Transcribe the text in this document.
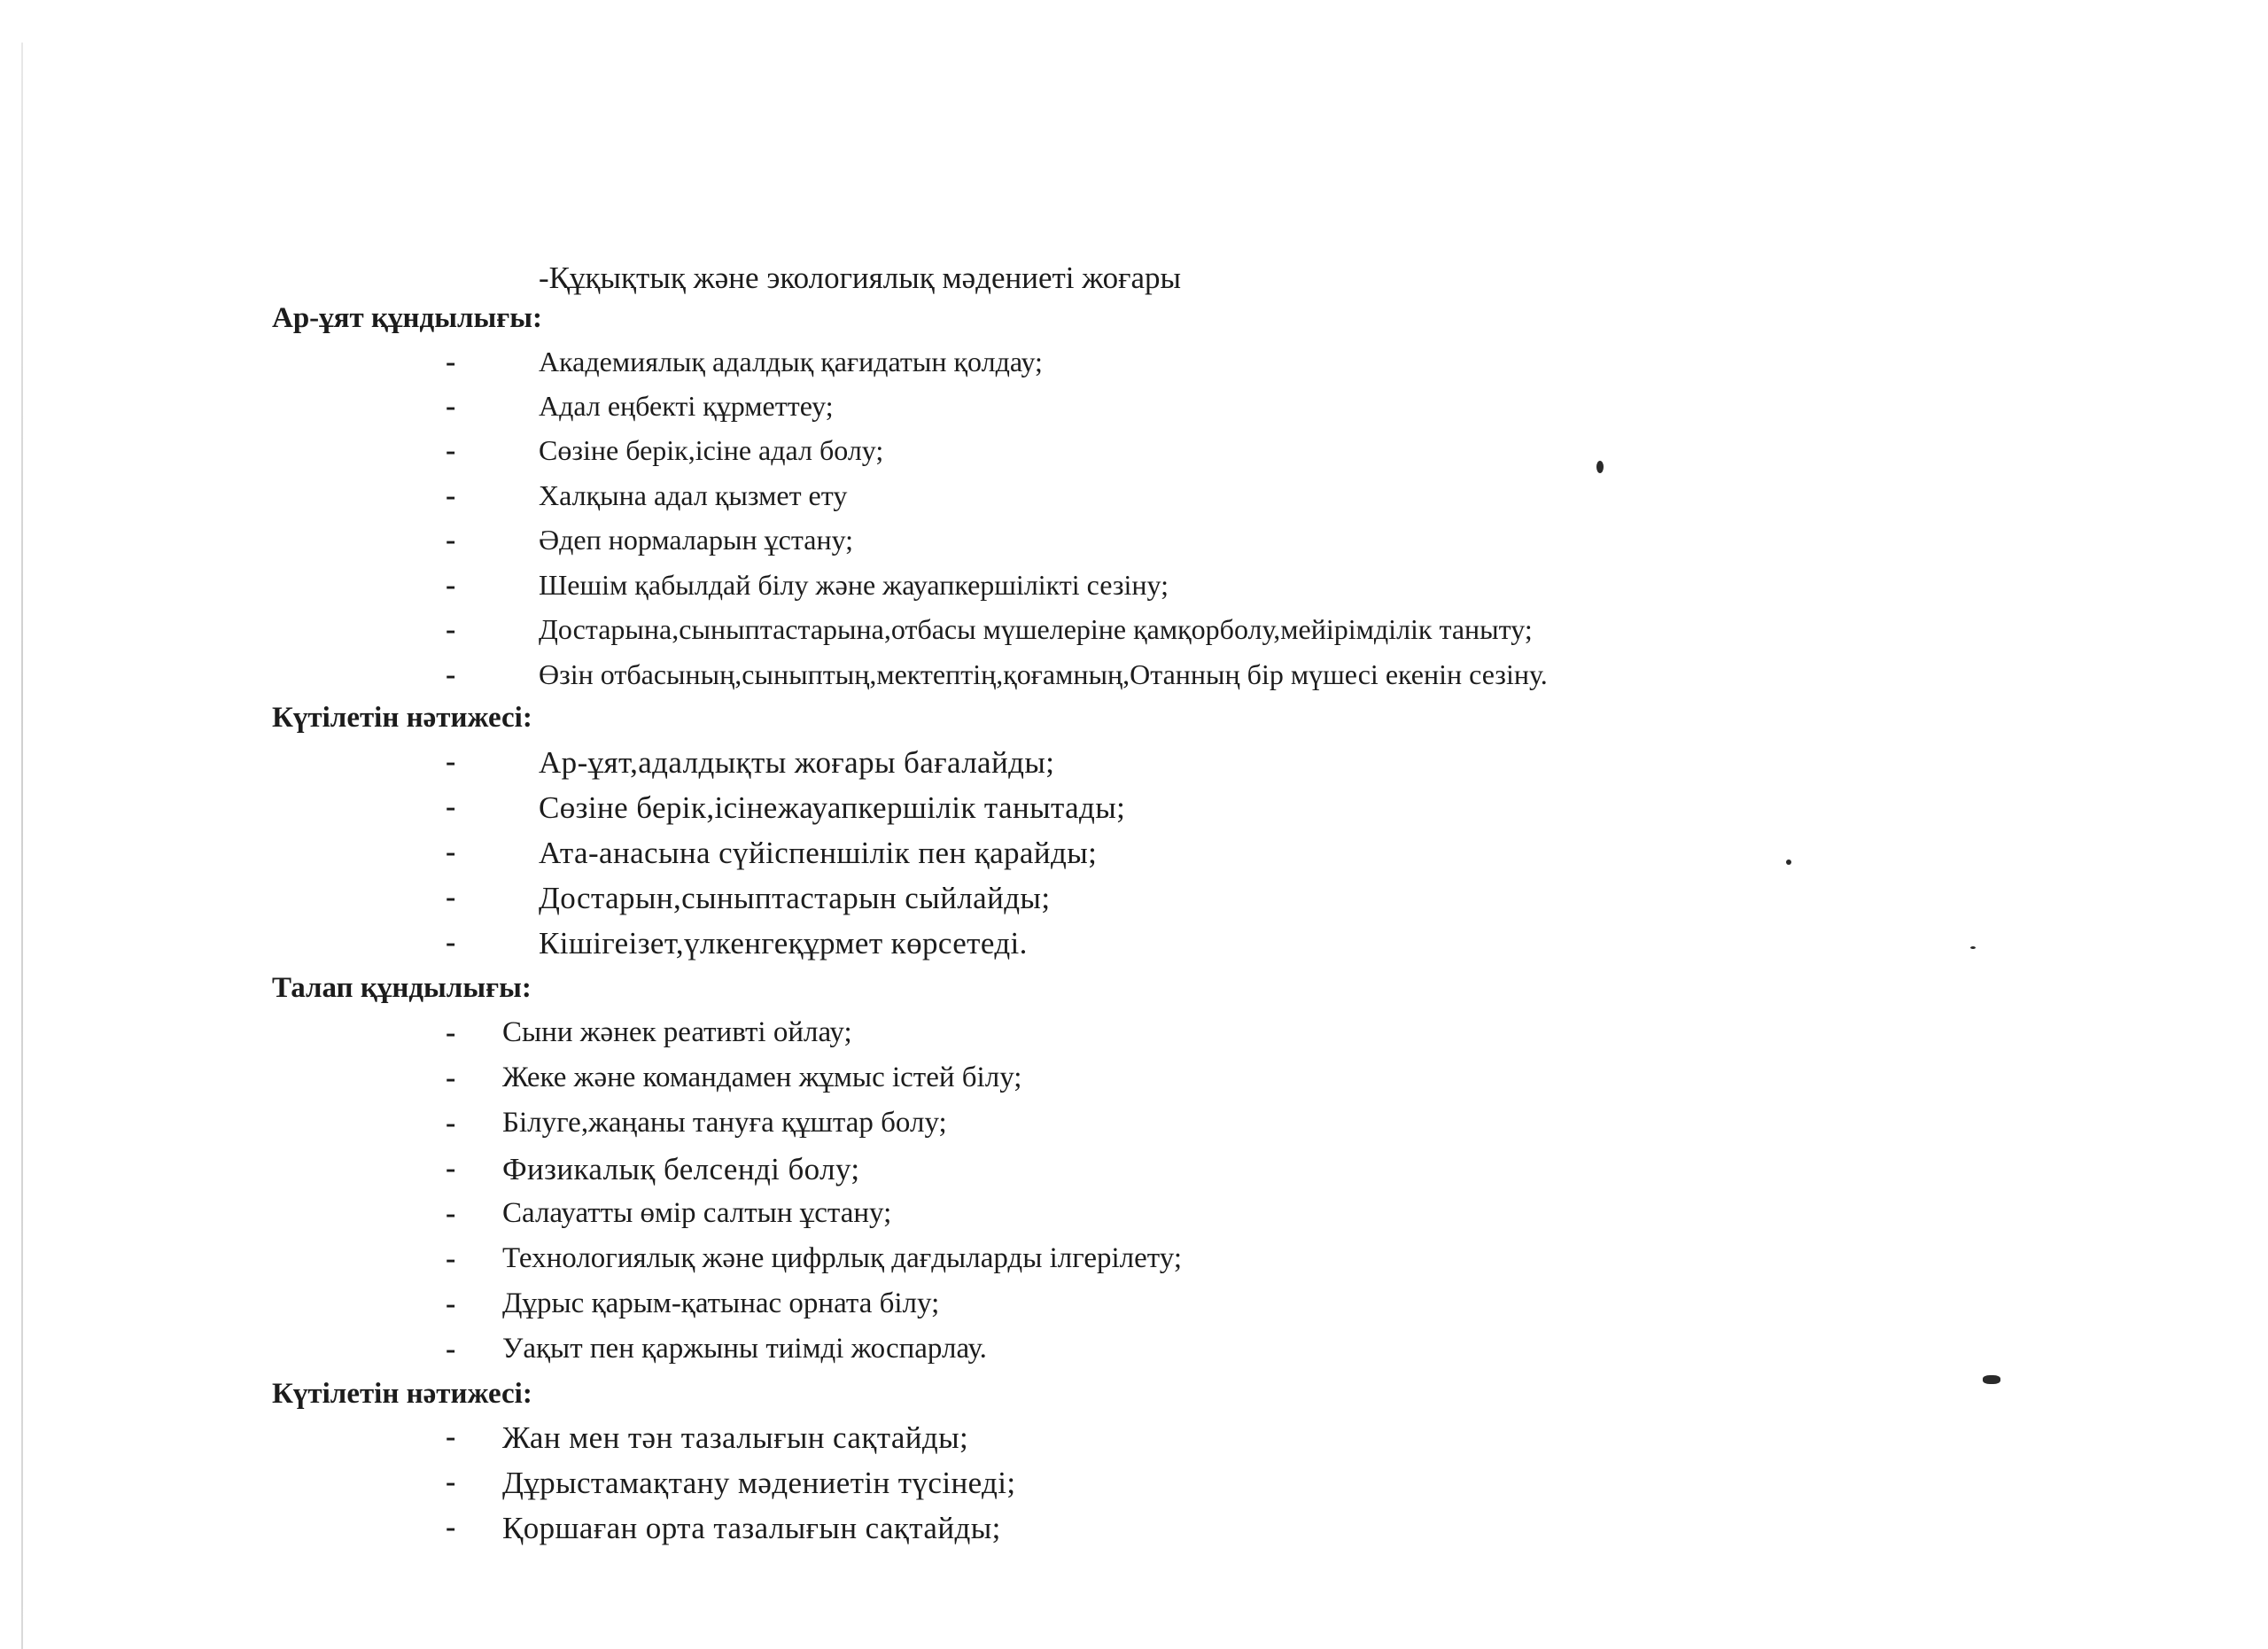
-Құқықтық және экологиялық мәдениеті жоғары
Ар-ұят құндылығы:
-	Академиялық адалдық қағидатын қолдау;
-	Адал еңбекті құрметтеу;
-	Сөзіне берік,ісіне адал болу;
-	Халқына адал қызмет ету
-	Әдеп нормаларын ұстану;
-	Шешім қабылдай білу және жауапкершілікті сезіну;
-	Достарына,сыныптастарына,отбасы мүшелеріне қамқорболу,мейірімділік таныту;
-	Өзін отбасының,сыныптың,мектептің,қоғамның,Отанның бір мүшесі екенін сезіну.
Күтілетін нәтижесі:
-	Ар-ұят,адалдықты жоғары бағалайды;
-	Сөзіне берік,ісінежауапкершілік танытады;
-	Ата-анасына сүйіспеншілік пен қарайды;
-	Достарын,сыныптастарын сыйлайды;
-	Кішігеізет,үлкенгеқұрмет көрсетеді.
Талап құндылығы:
- Сыни жәнек реативті ойлау;
- Жеке және командамен жұмыс істей білу;
- Білуге,жаңаны тануға құштар болу;
- Физикалық белсенді болу;
- Салауатты өмір салтын ұстану;
- Технологиялық және цифрлық дағдыларды ілгерілету;
- Дұрыс қарым-қатынас орната білу;
- Уақыт пен қаржыны тиімді жоспарлау.
Күтілетін нәтижесі:
- Жан мен тән тазалығын сақтайды;
- Дұрыстамақтану мәдениетін түсінеді;
- Қоршаған орта тазалығын сақтайды;
